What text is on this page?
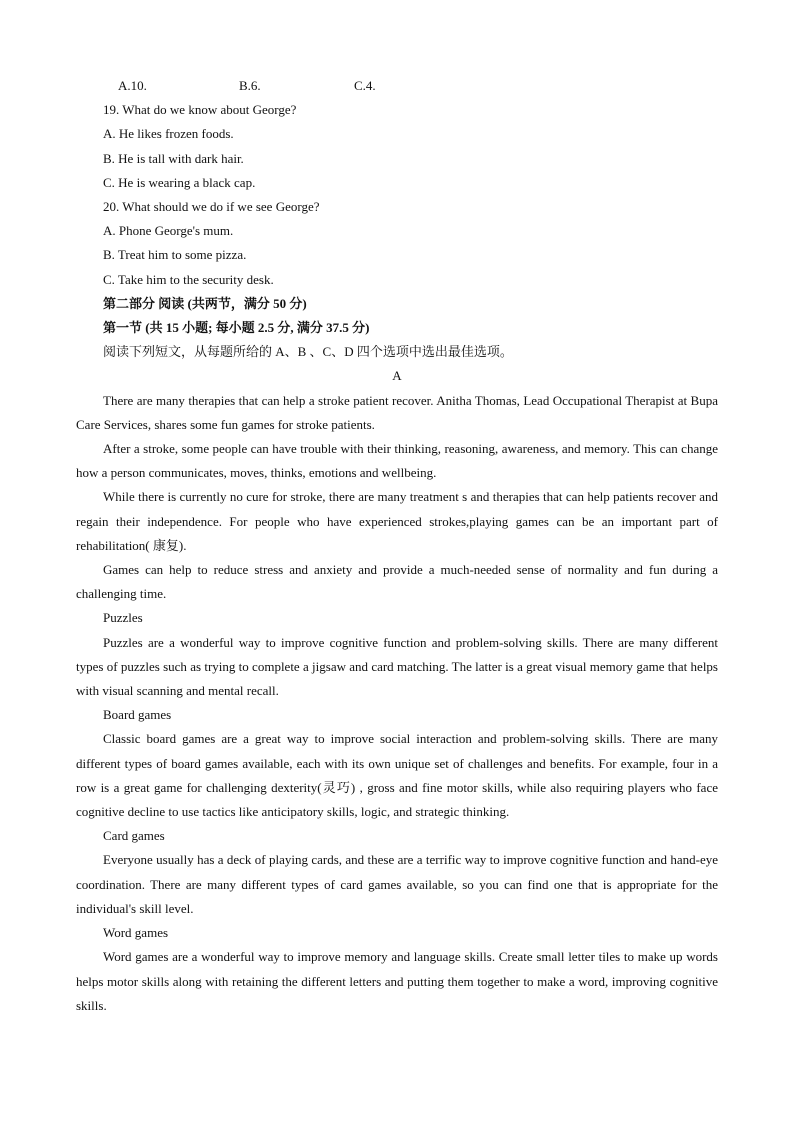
A.10.	B.6.	C.4.
19. What do we know about George?
A. He likes frozen foods.
B. He is tall with dark hair.
C. He is wearing a black cap.
20. What should we do if we see George?
A. Phone George's mum.
B. Treat him to some pizza.
C. Take him to the security desk.
第二部分 阅读 (共两节，满分 50 分)
第一节 (共 15 小题; 每小题 2.5 分, 满分 37.5 分)
阅读下列短文，从每题所给的 A、B 、C、D 四个选项中选出最佳选项。
A
There are many therapies that can help a stroke patient recover. Anitha Thomas, Lead Occupational Therapist at Bupa Care Services, shares some fun games for stroke patients.
After a stroke, some people can have trouble with their thinking, reasoning, awareness, and memory. This can change how a person communicates, moves, thinks, emotions and wellbeing.
While there is currently no cure for stroke, there are many treatment s and therapies that can help patients recover and regain their independence. For people who have experienced strokes,playing games can be an important part of rehabilitation( 康复).
Games can help to reduce stress and anxiety and provide a much-needed sense of normality and fun during a challenging time.
Puzzles
Puzzles are a wonderful way to improve cognitive function and problem-solving skills. There are many different types of puzzles such as trying to complete a jigsaw and card matching. The latter is a great visual memory game that helps with visual scanning and mental recall.
Board games
Classic board games are a great way to improve social interaction and problem-solving skills. There are many different types of board games available, each with its own unique set of challenges and benefits. For example, four in a row is a great game for challenging dexterity(灵巧) , gross and fine motor skills, while also requiring players who face cognitive decline to use tactics like anticipatory skills, logic, and strategic thinking.
Card games
Everyone usually has a deck of playing cards, and these are a terrific way to improve cognitive function and hand-eye coordination. There are many different types of card games available, so you can find one that is appropriate for the individual's skill level.
Word games
Word games are a wonderful way to improve memory and language skills. Create small letter tiles to make up words helps motor skills along with retaining the different letters and putting them together to make a word, improving cognitive skills.
